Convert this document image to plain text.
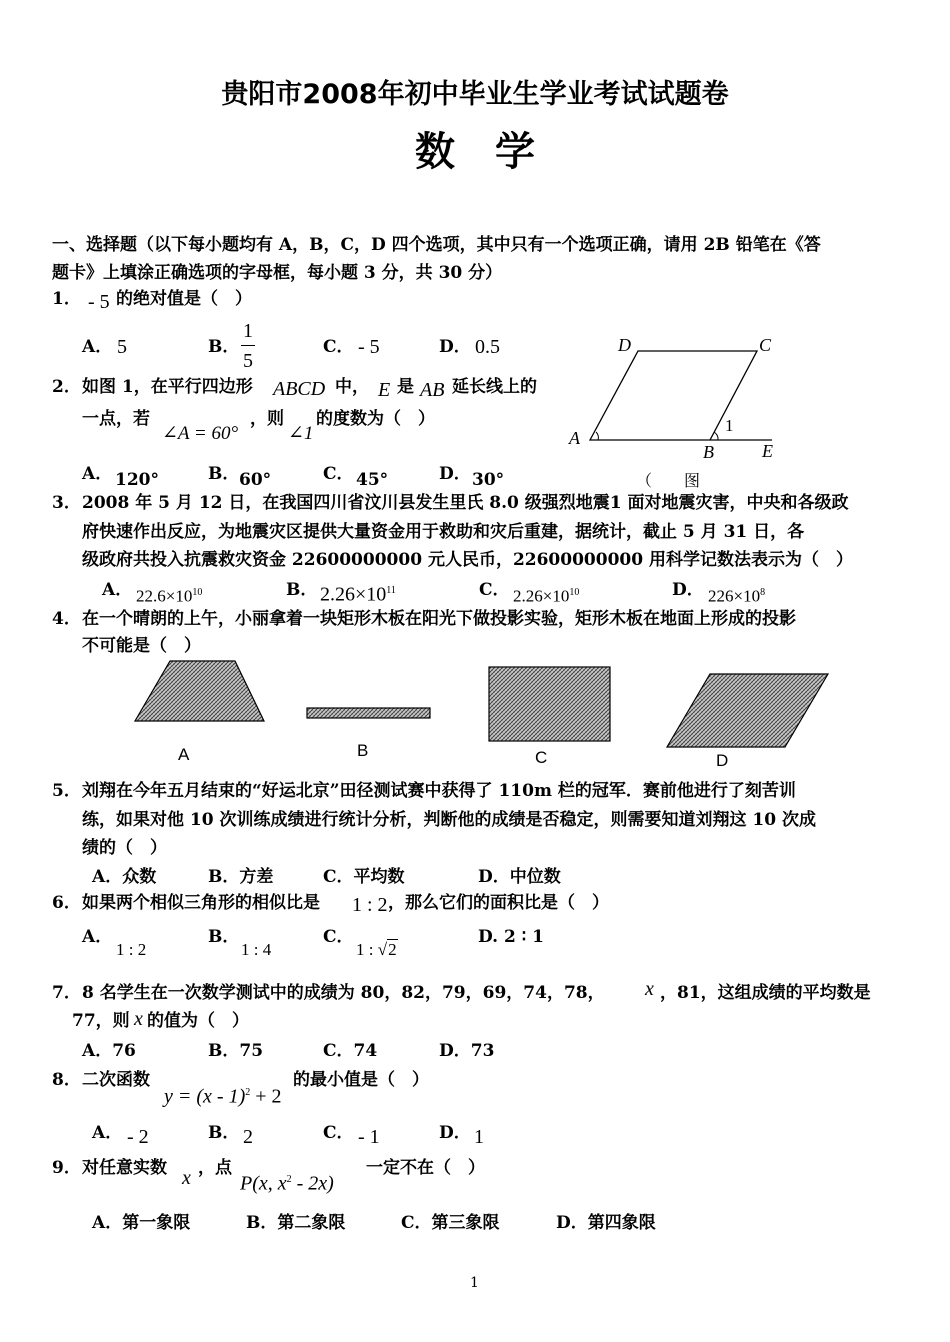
贵阳市2008年初中毕业生学业考试试题卷
数　学
一、选择题（以下每小题均有 A，B，C，D 四个选项，其中只有一个选项正确，请用 2B 铅笔在《答
题卡》上填涂正确选项的字母框，每小题 3 分，共 30 分）
1． - 5 的绝对值是（　）
A． 5	B．
1
5
C． - 5	D． 0.5
2． 如图 1，在平行四边形 ABCD 中， E 是 AB 延长线上的
一点，若
∠A = 60°
，则
∠1
的度数为（　）
A． 120°	B． 60°	C． 45°	D． 30°
D	C
A
B	E
1
（　　图
3． 2008 年 5 月 12 日，在我国四川省汶川县发生里氏 8.0 级强烈地震1 面对地震灾害，中央和各级政
府快速作出反应，为地震灾区提供大量资金用于救助和灾后重建，据统计，截止 5 月 31 日，各
级政府共投入抗震救灾资金 22600000000 元人民币，22600000000 用科学记数法表示为（　）
A． $22.6\times 10^{10}$	B． $2.26\times 10^{11}$	C． $2.26\times 10^{10}$	D． $226\times 10^8$
4． 在一个晴朗的上午，小丽拿着一块矩形木板在阳光下做投影实验，矩形木板在地面上形成的投影
不可能是（　）
A	B	C	D
5． 刘翔在今年五月结束的“好运北京”田径测试赛中获得了 110m 栏的冠军．赛前他进行了刻苦训
练，如果对他 10 次训练成绩进行统计分析，判断他的成绩是否稳定，则需要知道刘翔这 10 次成
绩的（　）
A．众数	B．方差	C．平均数	D．中位数
6． 如果两个相似三角形的相似比是 1 : 2 ，那么它们的面积比是（　）
A．
1 : 2
B．
1 : 4
C．
1 : √2
D. 2 ∶ 1
7． 8 名学生在一次数学测试中的成绩为 80，82，79，69，74，78， x ，81，这组成绩的平均数是
77，则 x 的值为（　）
A．76	B．75	C．74	D．73
8． 二次函数
y = (x - 1)$^2$ + 2
的最小值是（　）
A． - 2	B． 2	C． - 1	D． 1
9． 对任意实数 x ，点
P(x, $x^2 - 2x$)
一定不在（　）
A．第一象限	B．第二象限	C．第三象限	D．第四象限
1
